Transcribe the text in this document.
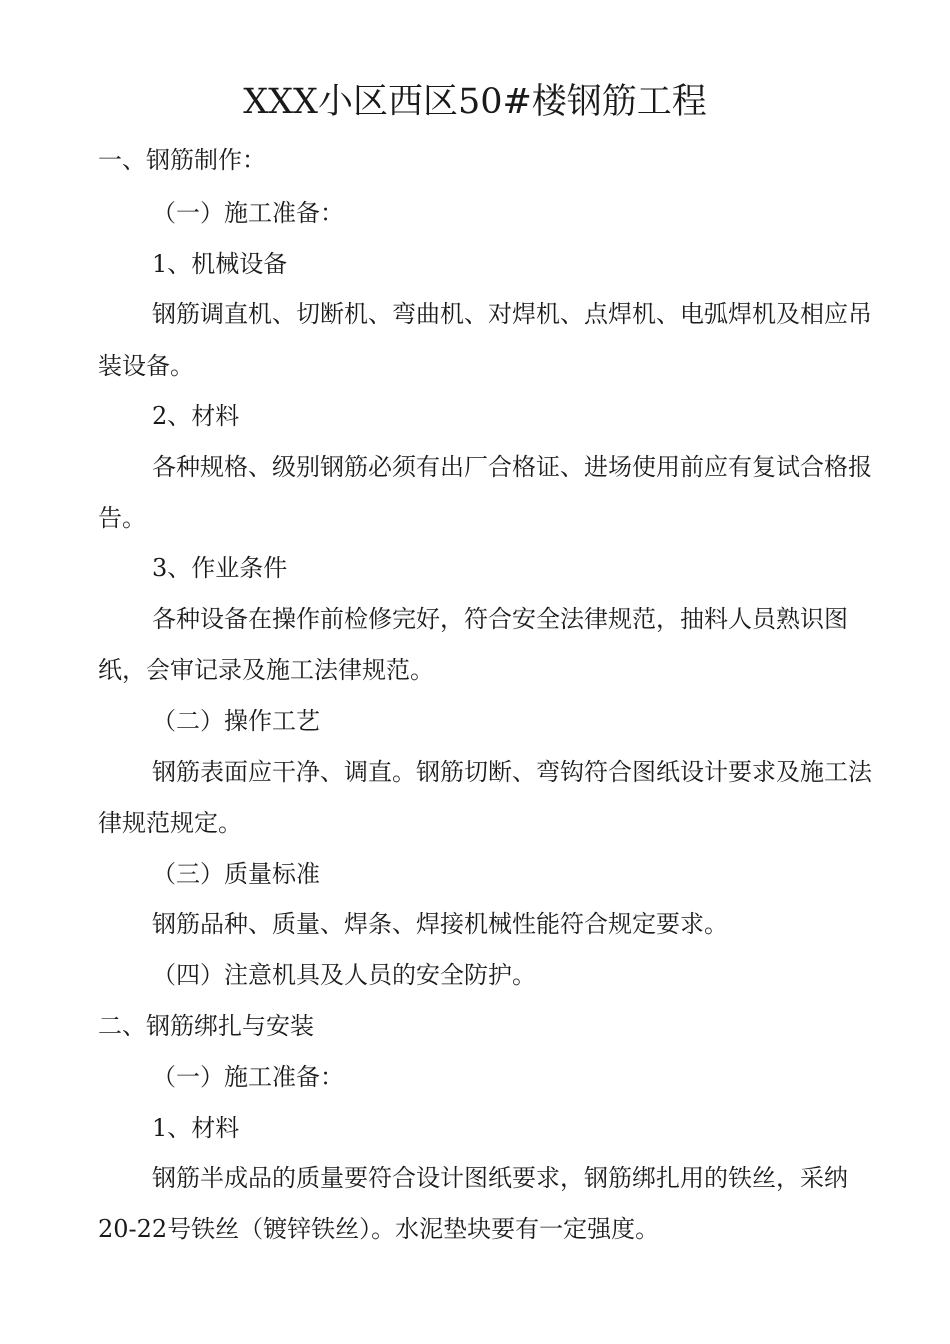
XXX小区西区50#楼钢筋工程

一、钢筋制作：

（一）施工准备：

1、机械设备

钢筋调直机、切断机、弯曲机、对焊机、点焊机、电弧焊机及相应吊

装设备。

2、材料

各种规格、级别钢筋必须有出厂合格证、进场使用前应有复试合格报

告。

3、作业条件

各种设备在操作前检修完好，符合安全法律规范，抽料人员熟识图

纸，会审记录及施工法律规范。

（二）操作工艺

钢筋表面应干净、调直。钢筋切断、弯钩符合图纸设计要求及施工法

律规范规定。

（三）质量标准

钢筋品种、质量、焊条、焊接机械性能符合规定要求。

（四）注意机具及人员的安全防护。

二、钢筋绑扎与安装

（一）施工准备：

1、材料

钢筋半成品的质量要符合设计图纸要求，钢筋绑扎用的铁丝，采纳

20-22号铁丝（镀锌铁丝）。水泥垫块要有一定强度。
